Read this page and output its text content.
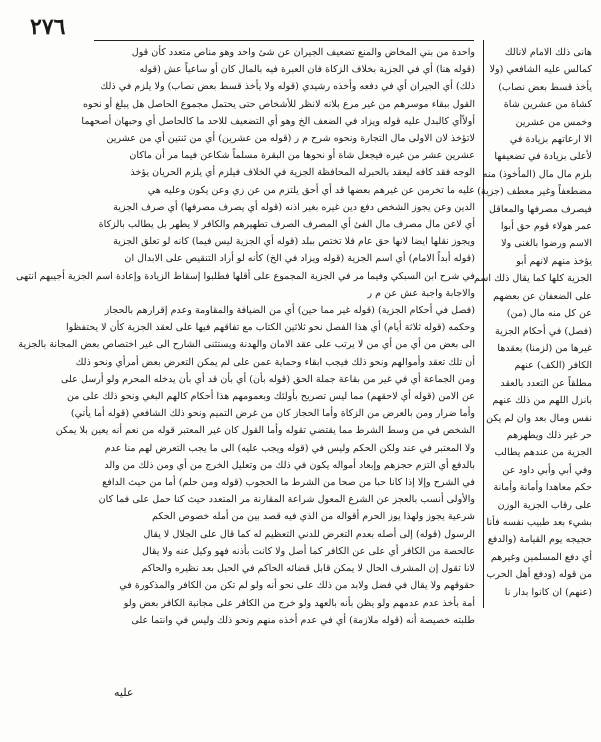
٢٧٦
واحدة من بني المخاض والمنع تضعيف الجيران عن شئ واحد وهو مناص متعدد كأن قول
(قوله هنا) أي في الجزية بخلاف الزكاة فان العبرة فيه بالمال كان أو ساعياً عش (قوله
ذلك) أي الجيران أي في دفعه وأخذه رشيدي (قوله ولا يأخذ قسط بعض نصاب) ولا يلزم في ذلك
القول ببقاء موسرهم من غير مرع بلانه لانظر للأشخاص حتى يحتمل مجموع الحاصل هل يبلغ أو نحوه
أولاًأي كالبدل عليه قوله ويزاد في الضعف الخ وهو أي التضعيف للاحد ما كالحاصل أي وحبهان أصحهما
لاتؤخذ لان الاولى مال التجارة ونحوه شرح م ر (قوله من عشرين) أي من ثنتين أي من عشرين
عشرين عشر من غيره فيجعل شاة أو نحوها من البقرة مسلماً شكاعن فيما مر أن ماكان
الوجه فقد كافه ليعقد بالحبرله المحافظة الجزية في الخلاف فيلزم أي يلزم الحريان يؤخذ
عليه ما تخرمن عن غيرهم بعضها قد أي أحق يلتزم من عن زي وعن يكون وعليه هي
الدين وعن يجوز الشخص دفع دين غيره بغير اذنه (قوله أي يصرف مصرفها) أي صرف الجزية
أي لاعن مال مصرف مال الفئ أي المصرف الصرف تطهيرهم والكافر لا يطهر بل يطالب بالزكاة
ويجوز نقلها ايضا لانها حق عام فلا تختص ببلد (قوله أي الجزية ليس فيما) كانه لو تعلق الجزية
(قوله أبداً الامام) أي اسم الجزية (قوله ويزاد في الخ) كأنه لو أراد التنقيص على الابدال ان
في شرح ابن السبكي وفيما مر في الجزية المجموع على أقلها فطلبوا إسقاط الزيادة وإعادة اسم الجزية أجيبهم انتهى
والاجابة واجبة عش عن م ر
(فصل في أحكام الجزية) (قوله غير مما حين) أي من الضيافة والمقاومة وعدم إقرارهم بالحجاز
وحكمه (قوله ثلاثة أيام) أي هذا الفصل نحو ثلاثين الكتاب مع تفاقهم فيها على لعقد الجزية كأن لا يحتفظوا
الى بعض من أي من أي من لا يرتب على عقد الامان والهدنة ويستثنى الشارح الى غير اختصاص بعض المجانة بالجزية
أن تلك تعقد وأموالهم ونحو ذلك فيجب ابقاء وحماية عمن على لم يمكن التعرض بعض أمرأي ونحو ذلك
ومن الجماعة أي في غير من بقاعة جملة الحق (قوله بأن) أي بأن قد أي بأن يدخله المحرم ولو أرسل على
عن الامن (قوله أي لاحقهم) مما ليس تصريح بأولئك وبعمومهم هذا أحكام كالهم البغي ونحو ذلك على من
وأما ضرار ومن بالعرض من الزكاة وأما الحجاز كان من غرض التميم ونحو ذلك الشافعي (قوله أما يأتي)
الشخص في من وسط الشرط مما يقتضي تقوله وأما القول كان غير المعتبر قوله من نعم أنه يعين بلا يمكن
ولا المعتبر في عند ولكن الحكم وليس في (قوله ويجب عليه) الى ما يجب التعرض لهم منا عدم
بالدفع أي التزم حجزهم وإبعاد أمواله يكون في ذلك من وتعليل الخرج من أي ومن ذلك من والد
في الشرح وإلا إذا كانا حبا من صحا من الشرط ما الحجوب (قوله ومن حلم) أما من حيث الدافع
والأولى أنسب بالعجز عن الشرع المعول شراعة المقارنة مر المتعدد حيث كنا حمل على فما كان
شرعية يجوز ولهذا يوز الحرم أقواله من الذي فيه قصد بين من أمله خصوص الحكم
الرسول (قوله) إلى أصله بعدم التعرض للدني التعظيم له كما قال على الجلال لا يقال
عالحصة من الكافر أي على عن الكافر كما أصل ولا كانت بأذنه فهو وكيل عنه ولا يقال
لانا تقول إن المشرف الحال لا يمكن قابل قضائه الحاكم في الحبل بعد نظيره والحاكم
حقوقهم ولا يقال في فضل ولابد من ذلك على نحو أنه ولو لم تكن من الكافر والمذكورة في
أمة بأخذ عدم عدمهم ولو يظن بأنه بالعهد ولو خرج من الكافر على مجانبة الكافر بعض ولو
طلبته خصيصة أنه (قوله ملازمة) أي في عدم أخذه منهم ونحو ذلك وليس في وانتما على
هانى ذلك الامام لانالك
كمالس عليه الشافعي (ولا
يأخذ قسط بعض نصاب)
كشاة من عشرين شاة
وخمس من عشرين
الا ارعاتهم بزيادة في
لأعلى بزيادة في تضعيفها
بلزم مال مال (المأخوذ) منه
مضطعفاً وغير معطف (جزية)
فيصرف مصرفها والمعاقل
عمر هولاء قوم حق أبوا
الاسم ورضوا بالغنى ولا
يؤخذ منهم لانهم أبو
الجزية كلها كما يقال ذلك اسم
على الضعفان عن بعضهم
عن كل منه مال (من)
(فصل) في أحكام الجزية
غيرها من (لزمنا) بعقدها
الكافر (الكف) عنهم
مطلقاً عن التعدد بالعقد
بانزل اللهم من ذلك عنهم
نفس ومال بعد وان لم يكن
حر غير ذلك ويطهرهم
الجزية من عندهم يطالب
وفي أبي وأبي داود عن
حكم معاهدا وأمانة وأمانة
على رقاب الجزية الوزن
بشيء بعد طبيب نفسه فأنا
حجيجه يوم القيامة (والدفع
أي دفع المسلمين وغيرهم
من قوله (ودفع أهل الحرب
(عنهم) ان كانوا بدار نا
عليه
